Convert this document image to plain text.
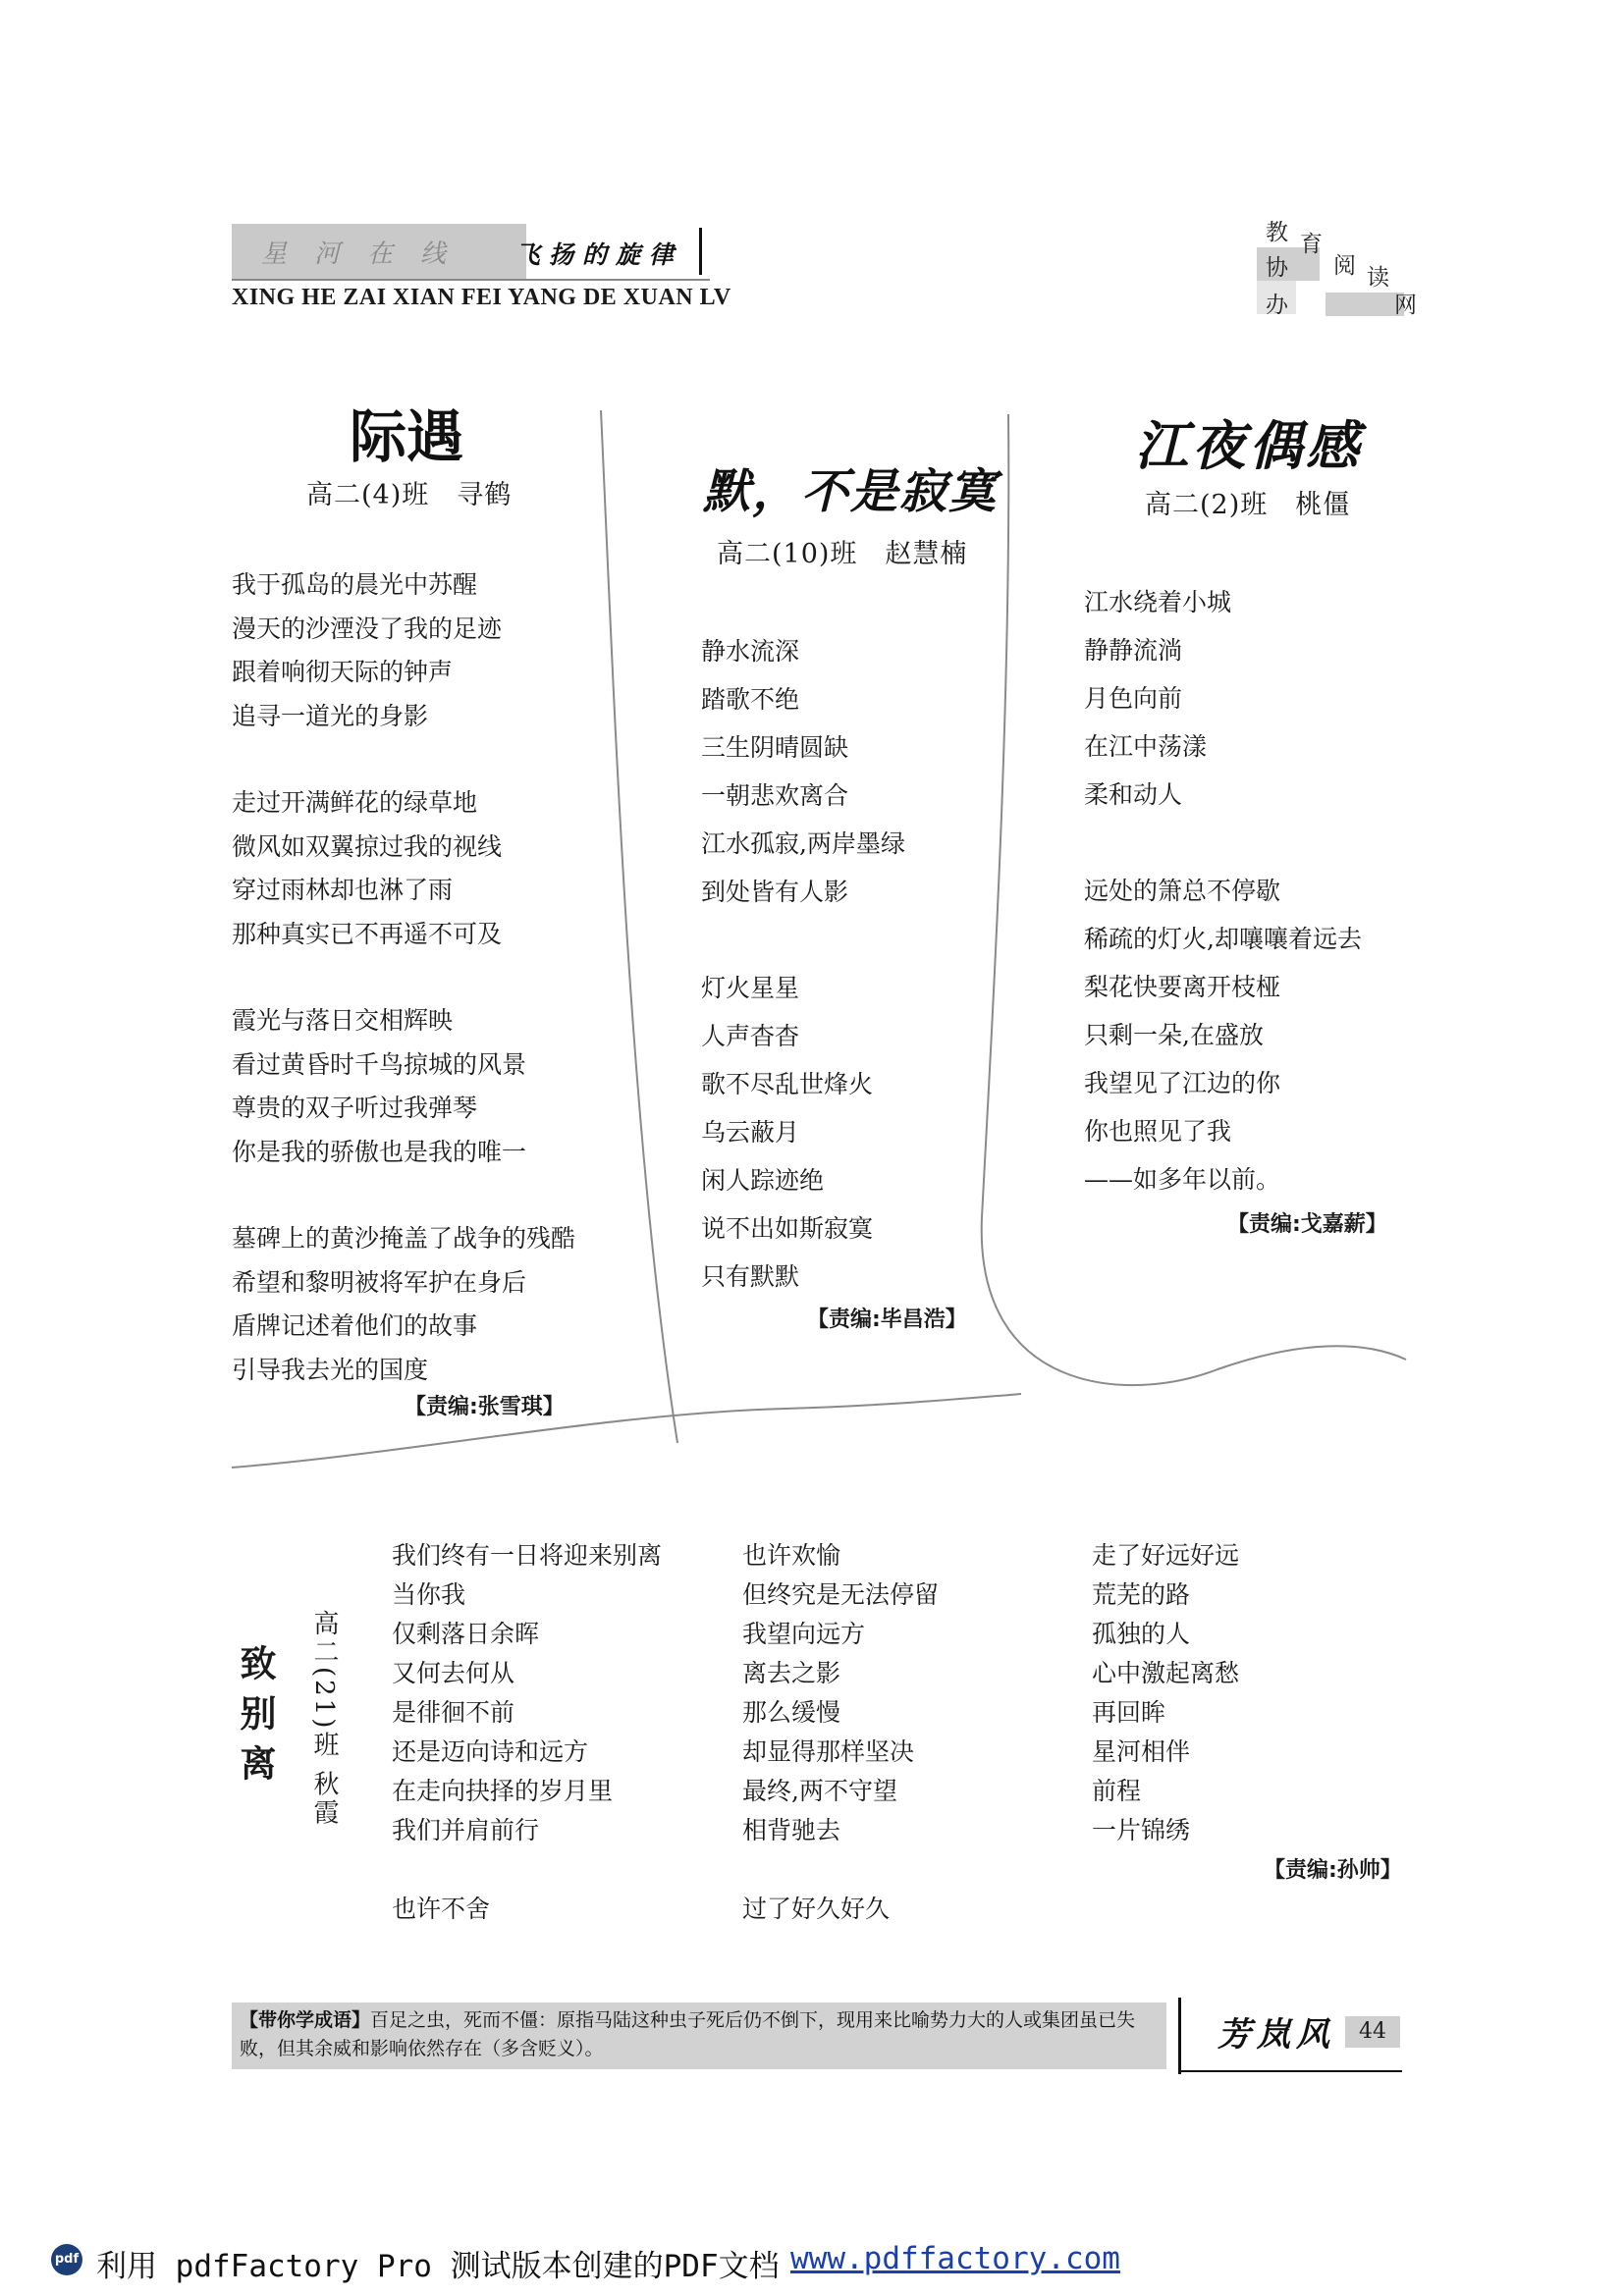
星河在线 飞扬的旋律
XING HE ZAI XIAN FEI YANG DE XUAN LV
教 育
协 阅 读
办	网
际遇
高二(4)班　寻鹤	默，不是寂寞
高二(10)班　赵慧楠
江夜偶感
高二(2)班　桃僵
我于孤岛的晨光中苏醒
漫天的沙湮没了我的足迹
跟着响彻天际的钟声
追寻一道光的身影
走过开满鲜花的绿草地
微风如双翼掠过我的视线
穿过雨林却也淋了雨
那种真实已不再遥不可及
霞光与落日交相辉映
看过黄昏时千鸟掠城的风景
尊贵的双子听过我弹琴
你是我的骄傲也是我的唯一
墓碑上的黄沙掩盖了战争的残酷
希望和黎明被将军护在身后
盾牌记述着他们的故事
引导我去光的国度
静水流深
踏歌不绝
三生阴晴圆缺
一朝悲欢离合
江水孤寂,两岸墨绿
到处皆有人影
灯火星星
人声杳杳
歌不尽乱世烽火
乌云蔽月
闲人踪迹绝
说不出如斯寂寞
只有默默
江水绕着小城
静静流淌
月色向前
在江中荡漾
柔和动人
远处的箫总不停歇
稀疏的灯火,却嚷嚷着远去
梨花快要离开枝桠
只剩一朵,在盛放
我望见了江边的你
你也照见了我
——如多年以前。
【责编:张雪琪】
【责编:毕昌浩】
【责编:戈嘉薪】
致别离 高二(21)班 秋霞
我们终有一日将迎来别离
当你我
仅剩落日余晖
又何去何从
是徘徊不前
还是迈向诗和远方
在走向抉择的岁月里
我们并肩前行
也许不舍
也许欢愉
但终究是无法停留
我望向远方
离去之影
那么缓慢
却显得那样坚决
最终,两不守望
相背驰去
过了好久好久
走了好远好远
荒芜的路
孤独的人
心中激起离愁
再回眸
星河相伴
前程
一片锦绣
【责编:孙帅】
【带你学成语】百足之虫，死而不僵：原指马陆这种虫子死后仍不倒下，现用来比喻势力大的人或集团虽已失败，但其余威和影响依然存在（多含贬义）。	芳岚风	44
pdf 利用 pdfFactory Pro 测试版本创建的PDF文档 www.pdffactory.com
